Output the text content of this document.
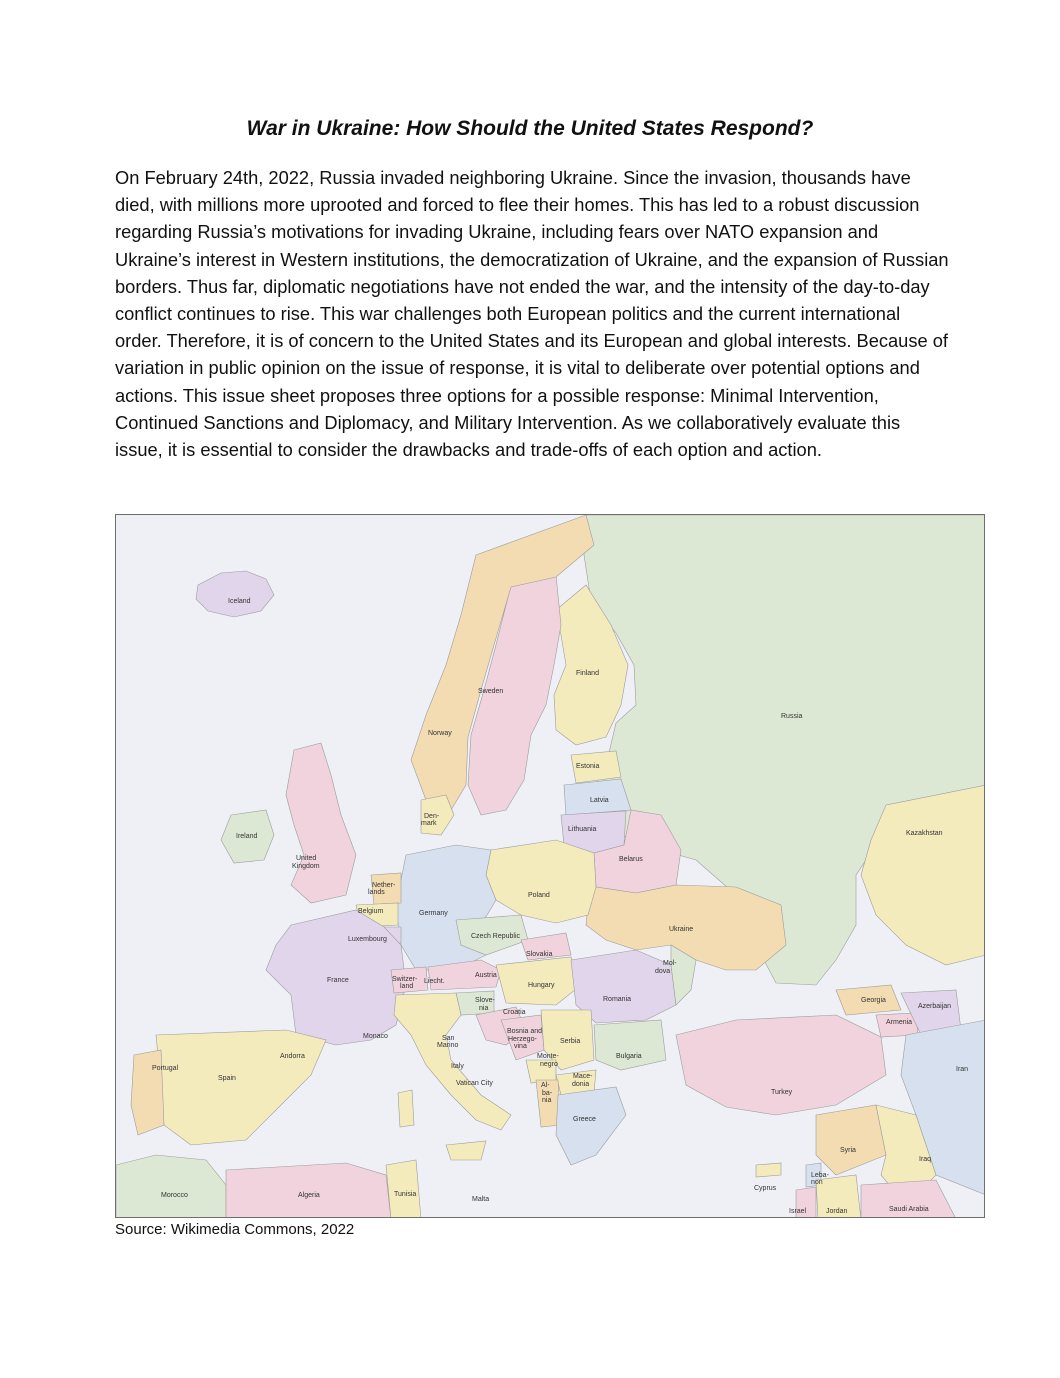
War in Ukraine: How Should the United States Respond?

On February 24th, 2022, Russia invaded neighboring Ukraine. Since the invasion, thousands have died, with millions more uprooted and forced to flee their homes. This has led to a robust discussion regarding Russia’s motivations for invading Ukraine, including fears over NATO expansion and Ukraine’s interest in Western institutions, the democratization of Ukraine, and the expansion of Russian borders. Thus far, diplomatic negotiations have not ended the war, and the intensity of the day-to-day conflict continues to rise. This war challenges both European politics and the current international order. Therefore, it is of concern to the United States and its European and global interests. Because of variation in public opinion on the issue of response, it is vital to deliberate over potential options and actions. This issue sheet proposes three options for a possible response: Minimal Intervention, Continued Sanctions and Diplomacy, and Military Intervention. As we collaboratively evaluate this issue, it is essential to consider the drawbacks and trade-offs of each option and action.

Iceland
Norway
Sweden
Finland
Russia
Estonia
Latvia
Lithuania
Belarus
Kazakhstan
Ireland
United
Kingdom
Den-
mark
Nether-
lands
Belgium
Luxembourg
Germany
Poland
Czech Republic
Slovakia
Ukraine
Mol-
dova
France	Switzer-
land
Liecht.
Austria
Hungary
Romania
Slove-
nia
Croatia
Bosnia and
Herzego-
vina
Serbia
Monte-
negro
Bulgaria
Mace-
donia
Al-
ba-
nia
Greece
Monaco	San
Marino
Italy
Vatican City
Andorra
Portugal
Spain
Georgia
Azerbaijan
Armenia
Turkey
Iran
Syria
Iraq
Leba-
non
Cyprus
Israel	Jordan	Saudi Arabia
Morocco	Algeria	Tunisia
Malta

Source: Wikimedia Commons, 2022
